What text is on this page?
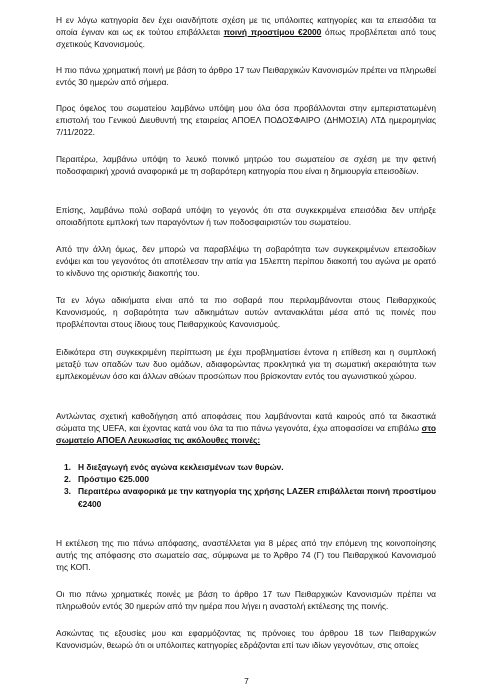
Η εν λόγω κατηγορία δεν έχει οιανδήποτε σχέση με τις υπόλοιπες κατηγορίες και τα επεισόδια τα οποία έγιναν και ως εκ τούτου επιβάλλεται ποινή προστίμου €2000 όπως προβλέπεται από τους σχετικούς Κανονισμούς.

Η πιο πάνω χρηματική ποινή με βάση το άρθρο 17 των Πειθαρχικών Κανονισμών πρέπει να πληρωθεί εντός 30 ημερών από σήμερα.

Προς όφελος του σωματείου λαμβάνω υπόψη μου όλα όσα προβάλλονται στην εμπεριστατωμένη επιστολή του Γενικού Διευθυντή της εταιρείας ΑΠΟΕΛ ΠΟΔΟΣΦΑΙΡΟ (ΔΗΜΟΣΙΑ) ΛΤΔ ημερομηνίας 7/11/2022.

Περαιτέρω, λαμβάνω υπόψη το λευκό ποινικό μητρώο του σωματείου σε σχέση με την φετινή ποδοσφαιρική χρονιά αναφορικά με τη σοβαρότερη κατηγορία που είναι η δημιουργία επεισοδίων.

Επίσης, λαμβάνω πολύ σοβαρά υπόψη το γεγονός ότι στα συγκεκριμένα επεισόδια δεν υπήρξε οποιαδήποτε εμπλοκή των παραγόντων ή των ποδοσφαιριστών του σωματείου.

Από την άλλη όμως, δεν μπορώ να παραβλέψω τη σοβαρότητα των συγκεκριμένων επεισοδίων ενόψει και του γεγονότος ότι αποτέλεσαν την αιτία για 15λεπτη περίπου διακοπή του αγώνα με ορατό το κίνδυνο της οριστικής διακοπής του.

Τα εν λόγω αδικήματα είναι από τα πιο σοβαρά που περιλαμβάνονται στους Πειθαρχικούς Κανονισμούς, η σοβαρότητα των αδικημάτων αυτών αντανακλάται μέσα από τις ποινές που προβλέπονται στους ίδιους τους Πειθαρχικούς Κανονισμούς.

Ειδικότερα στη συγκεκριμένη περίπτωση με έχει προβληματίσει έντονα η επίθεση και η συμπλοκή μεταξύ των οπαδών των δυο ομάδων, αδιαφορώντας προκλητικά για τη σωματική ακεραιότητα των εμπλεκομένων όσο και άλλων αθώων προσώπων που βρίσκονταν εντός του αγωνιστικού χώρου.

Αντλώντας σχετική καθοδήγηση από αποφάσεις που λαμβάνονται κατά καιρούς από τα δικαστικά σώματα της UEFA, και έχοντας κατά νου όλα τα πιο πάνω γεγονότα, έχω αποφασίσει να επιβάλω στο σωματείο ΑΠΟΕΛ Λευκωσίας τις ακόλουθες ποινές:

1. Η διεξαγωγή ενός αγώνα κεκλεισμένων των θυρών.
2. Πρόστιμο €25.000
3. Περαιτέρω αναφορικά με την κατηγορία της χρήσης LAZER επιβάλλεται ποινή προστίμου €2400

Η εκτέλεση της πιο πάνω απόφασης, αναστέλλεται για 8 μέρες από την επόμενη της κοινοποίησης αυτής της απόφασης στο σωματείο σας, σύμφωνα με το Άρθρο 74 (Γ) του Πειθαρχικού Κανονισμού της ΚΟΠ.

Οι πιο πάνω χρηματικές ποινές με βάση το άρθρο 17 των Πειθαρχικών Κανονισμών πρέπει να πληρωθούν εντός 30 ημερών από την ημέρα που λήγει η αναστολή εκτέλεσης της ποινής.

Ασκώντας τις εξουσίες μου και εφαρμόζοντας τις πρόνοιες του άρθρου 18 των Πειθαρχικών Κανονισμών, θεωρώ ότι οι υπόλοιπες κατηγορίες εδράζονται επί των ιδίων γεγονότων, στις οποίες

7
